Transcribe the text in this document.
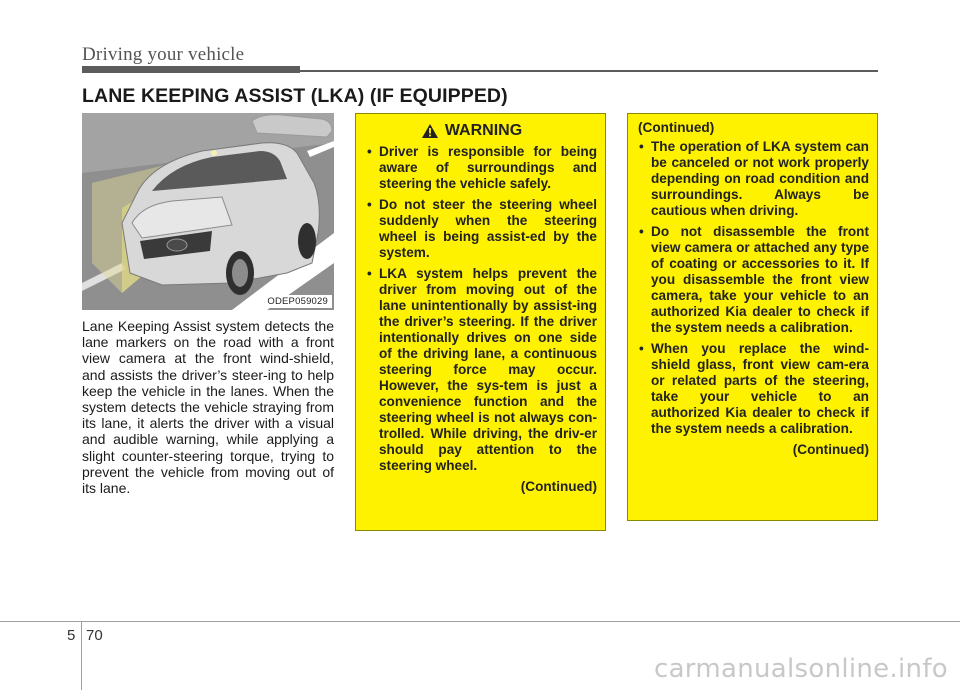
Driving your vehicle
LANE KEEPING ASSIST (LKA) (IF EQUIPPED)
ODEP059029
Lane Keeping Assist system detects the lane markers on the road with a front view camera at the front wind-shield, and assists the driver’s steer-ing to help keep the vehicle in the lanes. When the system detects the vehicle straying from its lane, it alerts the driver with a visual and audible warning, while applying a slight counter-steering torque, trying to prevent the vehicle from moving out of its lane.
WARNING
• Driver is responsible for being aware of surroundings and steering the vehicle safely.
• Do not steer the steering wheel suddenly when the steering wheel is being assist-ed by the system.
• LKA system helps prevent the driver from moving out of the lane unintentionally by assist-ing the driver’s steering. If the driver intentionally drives on one side of the driving lane, a continuous steering force may occur. However, the sys-tem is just a convenience function and the steering wheel is not always con-trolled. While driving, the driv-er should pay attention to the steering wheel.
(Continued)
(Continued)
• The operation of LKA system can be canceled or not work properly depending on road condition and surroundings. Always be cautious when driving.
• Do not disassemble the front view camera or attached any type of coating or accessories to it. If you disassemble the front view camera, take your vehicle to an authorized Kia dealer to check if the system needs a calibration.
• When you replace the wind-shield glass, front view cam-era or related parts of the steering, take your vehicle to an authorized Kia dealer to check if the system needs a calibration.
(Continued)
5 70
carmanualsonline.info
